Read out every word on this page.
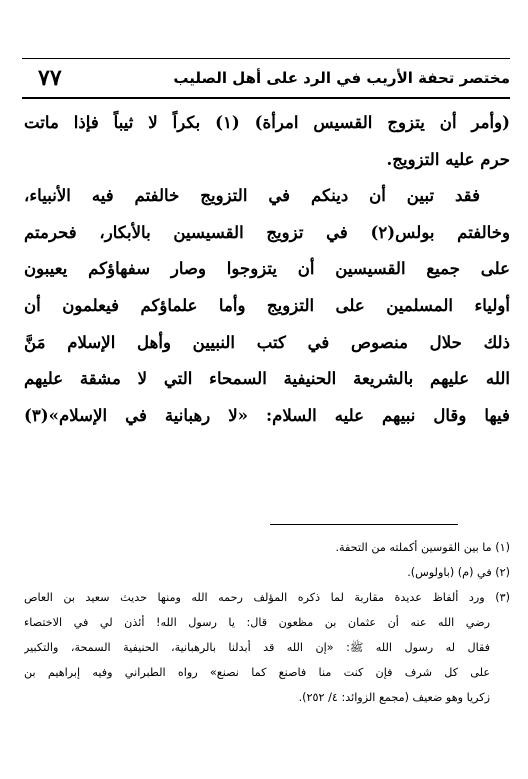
مختصر تحفة الأريب في الرد على أهل الصليب
٧٧
(وأمر أن يتزوج القسيس امرأة) (١) بكراً لا ثيباً فإذا ماتت
حرم عليه التزويج.
فقد تبين أن دينكم في التزويج خالفتم فيه الأنبياء،
وخالفتم بولس(٢) في تزويج القسيسين بالأبكار، فحرمتم
على جميع القسيسين أن يتزوجوا وصار سفهاؤكم يعيبون
أولياء المسلمين على التزويج وأما علماؤكم فيعلمون أن
ذلك حلال منصوص في كتب النبيين وأهل الإسلام مَنَّ
الله عليهم بالشريعة الحنيفية السمحاء التي لا مشقة عليهم
فيها وقال نبيهم عليه السلام: «لا رهبانية في الإسلام»(٣)
(١) ما بين القوسين أكملته من التحفة.
(٢) في (م) (باولوس).
(٣) ورد ألفاظ عديدة مقاربة لما ذكره المؤلف رحمه الله ومنها حديث سعيد بن العاص
رضي الله عنه أن عثمان بن مظعون قال: يا رسول الله! أئذن لي في الاختصاء
فقال له رسول الله ﷺ: «إن الله قد أبدلنا بالرهبانية، الحنيفية السمحة، والتكبير
على كل شرف فإن كنت منا فاصنع كما نصنع» رواه الطبراني وفيه إبراهيم بن
زكريا وهو ضعيف (مجمع الزوائد: ٤/ ٢٥٢).
